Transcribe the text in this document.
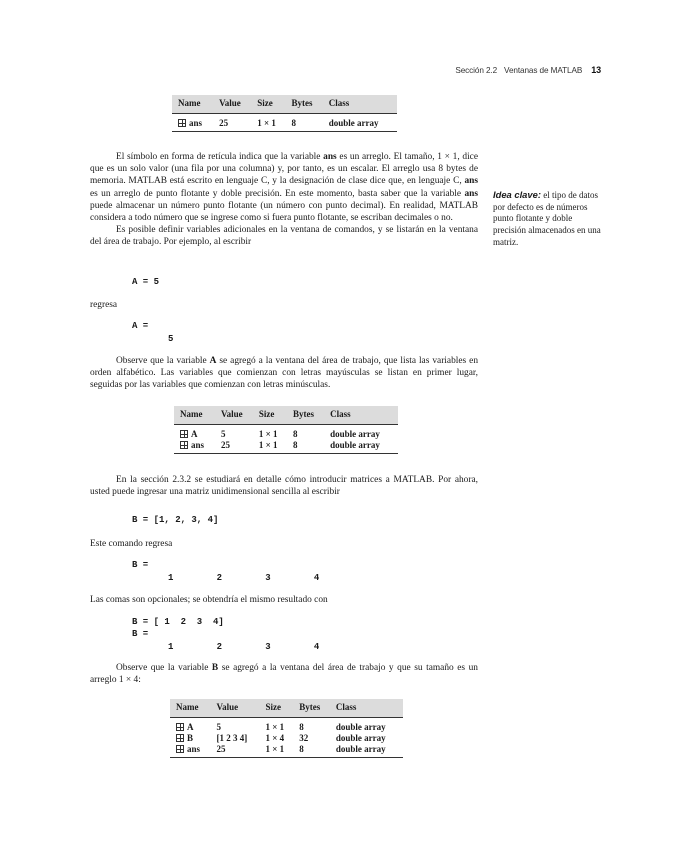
Sección 2.2 Ventanas de MATLAB 13
Name	Value	Size	Bytes	Class
ans	25	1 × 1	8	double array

El símbolo en forma de retícula indica que la variable ans es un arreglo. El tamaño, 1 × 1, dice que es un solo valor (una fila por una columna) y, por tanto, es un escalar. El arreglo usa 8 bytes de memoria. MATLAB está escrito en lenguaje C, y la designación de clase dice que, en lenguaje C, ans es un arreglo de punto flotante y doble precisión. En este momento, basta saber que la variable ans puede almacenar un número punto flotante (un número con punto decimal). En realidad, MATLAB considera a todo número que se ingrese como si fuera punto flotante, se escriban decimales o no.

Es posible definir variables adicionales en la ventana de comandos, y se listarán en la ventana del área de trabajo. Por ejemplo, al escribir

A = 5
regresa
A =
5

Observe que la variable A se agregó a la ventana del área de trabajo, que lista las variables en orden alfabético. Las variables que comienzan con letras mayúsculas se listan en primer lugar, seguidas por las variables que comienzan con letras minúsculas.

Name	Value	Size	Bytes	Class
A	5	1 × 1	8	double array
ans	25	1 × 1	8	double array

En la sección 2.3.2 se estudiará en detalle cómo introducir matrices a MATLAB. Por ahora, usted puede ingresar una matriz unidimensional sencilla al escribir

B = [1, 2, 3, 4]
Este comando regresa
B =
1        2        3        4
Las comas son opcionales; se obtendría el mismo resultado con
B = [ 1  2  3  4]
B =
1        2        3        4

Observe que la variable B se agregó a la ventana del área de trabajo y que su tamaño es un arreglo 1 × 4:

Name	Value	Size	Bytes	Class
A	5	1 × 1	8	double array
B	[1 2 3 4]	1 × 4	32	double array
ans	25	1 × 1	8	double array
Idea clave: el tipo de datos por defecto es de números punto flotante y doble precisión almacenados en una matriz.
